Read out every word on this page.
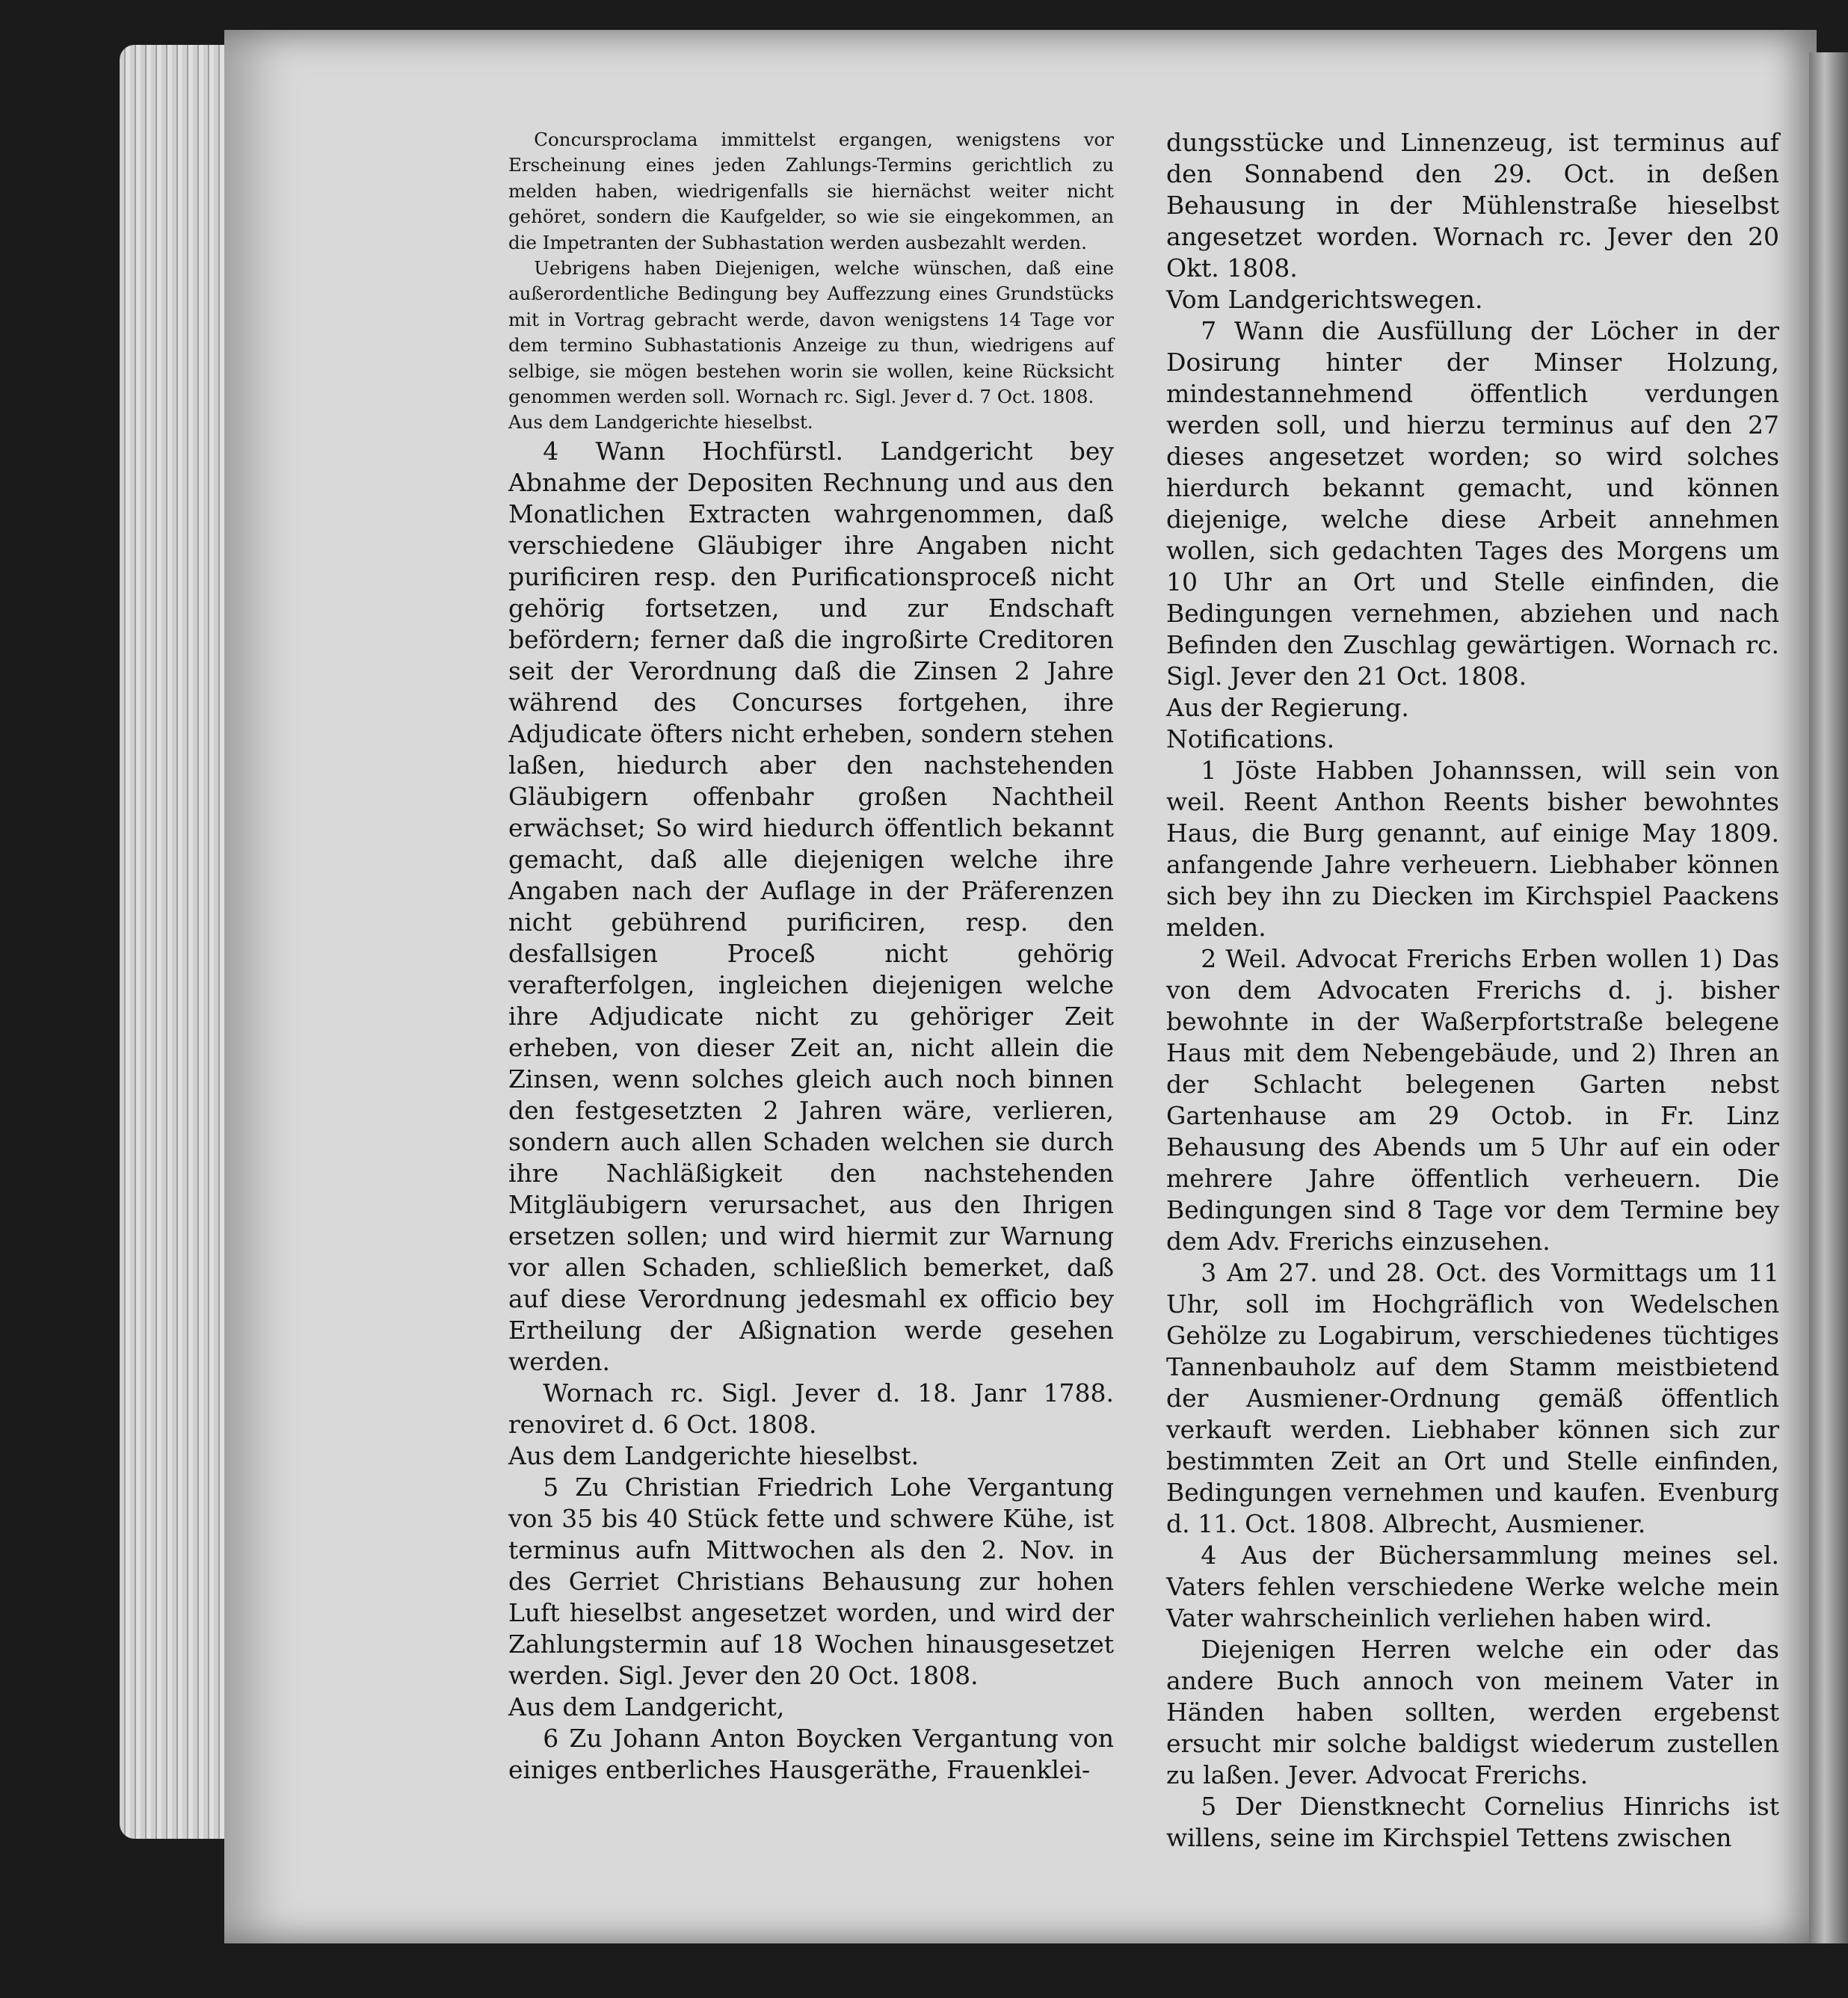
Concursproclama immittelst ergangen, wenigstens vor Erscheinung eines jeden Zahlungs-Termins gerichtlich zu melden haben, wiedrigenfalls sie hiernächst weiter nicht gehöret, sondern die Kaufgelder, so wie sie eingekommen, an die Impetranten der Subhastation werden ausbezahlt werden.

Uebrigens haben Diejenigen, welche wünschen, daß eine außerordentliche Bedingung bey Auffezzung eines Grundstücks mit in Vortrag gebracht werde, davon wenigstens 14 Tage vor dem termino Subhastationis Anzeige zu thun, wiedrigens auf selbige, sie mögen bestehen worin sie wollen, keine Rücksicht genommen werden soll. Wornach rc. Sigl. Jever d. 7 Oct. 1808.

Aus dem Landgerichte hieselbst.

4 Wann Hochfürstl. Landgericht bey Abnahme der Depositen Rechnung und aus den Monatlichen Extracten wahrgenommen, daß verschiedene Gläubiger ihre Angaben nicht purificiren resp. den Purificationsproceß nicht gehörig fortsetzen, und zur Endschaft befördern; ferner daß die ingroßirte Creditoren seit der Verordnung daß die Zinsen 2 Jahre während des Concurses fortgehen, ihre Adjudicate öfters nicht erheben, sondern stehen laßen, hiedurch aber den nachstehenden Gläubigern offenbahr großen Nachtheil erwächset; So wird hiedurch öffentlich bekannt gemacht, daß alle diejenigen welche ihre Angaben nach der Auflage in der Präferenzen nicht gebührend purificiren, resp. den desfallsigen Proceß nicht gehörig verafterfolgen, ingleichen diejenigen welche ihre Adjudicate nicht zu gehöriger Zeit erheben, von dieser Zeit an, nicht allein die Zinsen, wenn solches gleich auch noch binnen den festgesetzten 2 Jahren wäre, verlieren, sondern auch allen Schaden welchen sie durch ihre Nachläßigkeit den nachstehenden Mitgläubigern verursachet, aus den Ihrigen ersetzen sollen; und wird hiermit zur Warnung vor allen Schaden, schließlich bemerket, daß auf diese Verordnung jedesmahl ex officio bey Ertheilung der Aßignation werde gesehen werden.

Wornach rc. Sigl. Jever d. 18. Janr 1788. renoviret d. 6 Oct. 1808.

Aus dem Landgerichte hieselbst.

5 Zu Christian Friedrich Lohe Vergantung von 35 bis 40 Stück fette und schwere Kühe, ist terminus aufn Mittwochen als den 2. Nov. in des Gerriet Christians Behausung zur hohen Luft hieselbst angesetzet worden, und wird der Zahlungstermin auf 18 Wochen hinausgesetzet werden. Sigl. Jever den 20 Oct. 1808.

Aus dem Landgericht,

6 Zu Johann Anton Boycken Vergantung von einiges entberliches Hausgeräthe, Frauenklei-

dungsstücke und Linnenzeug, ist terminus auf den Sonnabend den 29. Oct. in deßen Behausung in der Mühlenstraße hieselbst angesetzet worden. Wornach rc. Jever den 20 Okt. 1808.

Vom Landgerichtswegen.

7 Wann die Ausfüllung der Löcher in der Dosirung hinter der Minser Holzung, mindestannehmend öffentlich verdungen werden soll, und hierzu terminus auf den 27 dieses angesetzet worden; so wird solches hierdurch bekannt gemacht, und können diejenige, welche diese Arbeit annehmen wollen, sich gedachten Tages des Morgens um 10 Uhr an Ort und Stelle einfinden, die Bedingungen vernehmen, abziehen und nach Befinden den Zuschlag gewärtigen. Wornach rc. Sigl. Jever den 21 Oct. 1808.

Aus der Regierung.

Notifications.

1 Jöste Habben Johannssen, will sein von weil. Reent Anthon Reents bisher bewohntes Haus, die Burg genannt, auf einige May 1809. anfangende Jahre verheuern. Liebhaber können sich bey ihn zu Diecken im Kirchspiel Paackens melden.

2 Weil. Advocat Frerichs Erben wollen 1) Das von dem Advocaten Frerichs d. j. bisher bewohnte in der Waßerpfortstraße belegene Haus mit dem Nebengebäude, und 2) Ihren an der Schlacht belegenen Garten nebst Gartenhause am 29 Octob. in Fr. Linz Behausung des Abends um 5 Uhr auf ein oder mehrere Jahre öffentlich verheuern. Die Bedingungen sind 8 Tage vor dem Termine bey dem Adv. Frerichs einzusehen.

3 Am 27. und 28. Oct. des Vormittags um 11 Uhr, soll im Hochgräflich von Wedelschen Gehölze zu Logabirum, verschiedenes tüchtiges Tannenbauholz auf dem Stamm meistbietend der Ausmiener-Ordnung gemäß öffentlich verkauft werden. Liebhaber können sich zur bestimmten Zeit an Ort und Stelle einfinden, Bedingungen vernehmen und kaufen. Evenburg d. 11. Oct. 1808. Albrecht, Ausmiener.

4 Aus der Büchersammlung meines sel. Vaters fehlen verschiedene Werke welche mein Vater wahrscheinlich verliehen haben wird.

Diejenigen Herren welche ein oder das andere Buch annoch von meinem Vater in Händen haben sollten, werden ergebenst ersucht mir solche baldigst wiederum zustellen zu laßen. Jever. Advocat Frerichs.

5 Der Dienstknecht Cornelius Hinrichs ist willens, seine im Kirchspiel Tettens zwischen
